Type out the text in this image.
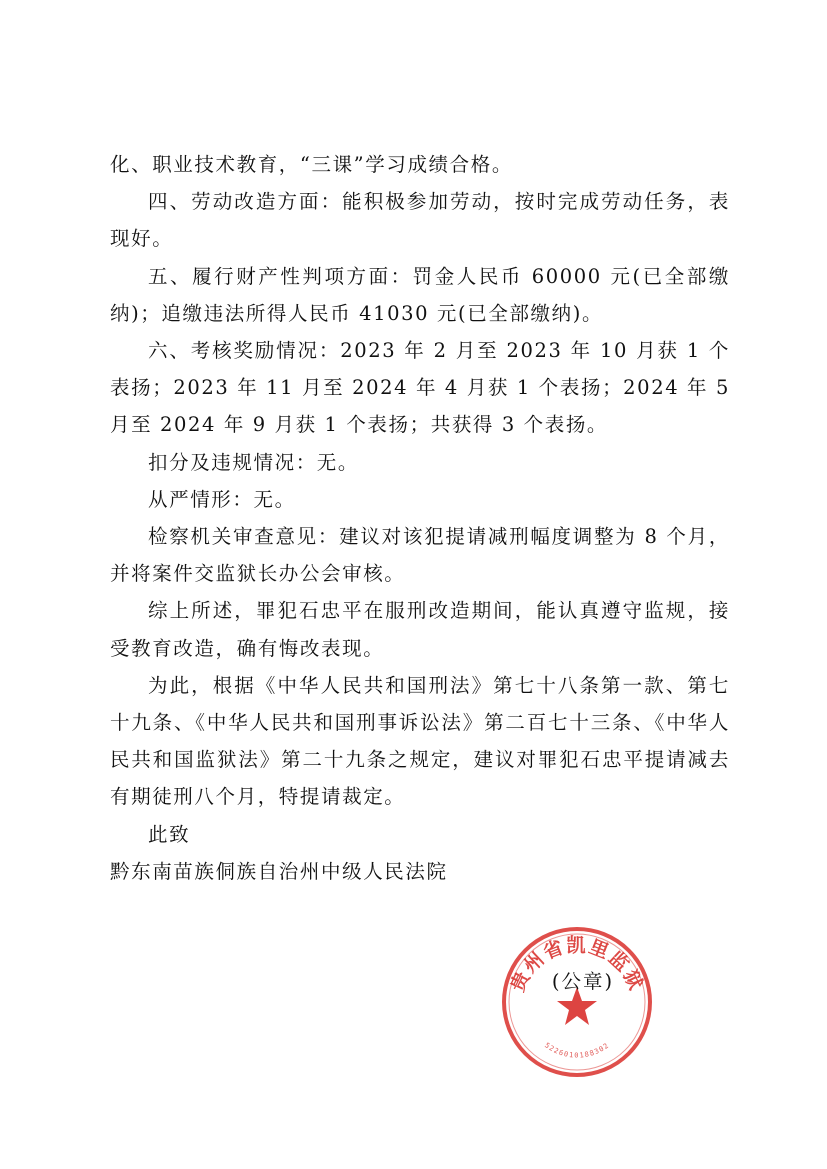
化、职业技术教育，“三课”学习成绩合格。

四、劳动改造方面：能积极参加劳动，按时完成劳动任务，表现好。

五、履行财产性判项方面：罚金人民币 60000 元(已全部缴纳)；追缴违法所得人民币 41030 元(已全部缴纳)。

六、考核奖励情况：2023 年 2 月至 2023 年 10 月获 1 个表扬；2023 年 11 月至 2024 年 4 月获 1 个表扬；2024 年 5 月至 2024 年 9 月获 1 个表扬；共获得 3 个表扬。

扣分及违规情况：无。

从严情形：无。

检察机关审查意见：建议对该犯提请减刑幅度调整为 8 个月，并将案件交监狱长办公会审核。

综上所述，罪犯石忠平在服刑改造期间，能认真遵守监规，接受教育改造，确有悔改表现。

为此，根据《中华人民共和国刑法》第七十八条第一款、第七十九条、《中华人民共和国刑事诉讼法》第二百七十三条、《中华人民共和国监狱法》第二十九条之规定，建议对罪犯石忠平提请减去有期徒刑八个月，特提请裁定。

此致

黔东南苗族侗族自治州中级人民法院

贵州省凯里监狱
5226010188302
(公章)
